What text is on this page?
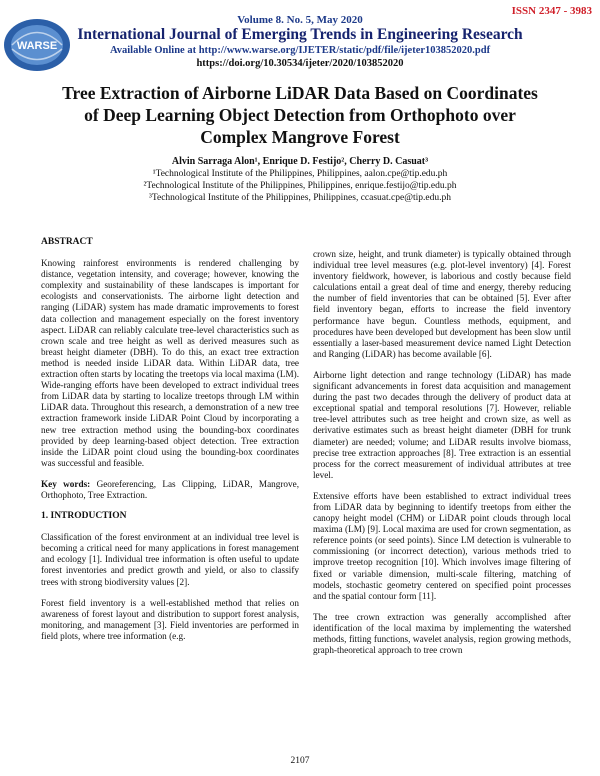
ISSN 2347 - 3983
WARSE
Volume 8. No. 5, May 2020
International Journal of Emerging Trends in Engineering Research
Available Online at http://www.warse.org/IJETER/static/pdf/file/ijeter103852020.pdf
https://doi.org/10.30534/ijeter/2020/103852020
Tree Extraction of Airborne LiDAR Data Based on Coordinates of Deep Learning Object Detection from Orthophoto over Complex Mangrove Forest
Alvin Sarraga Alon¹, Enrique D. Festijo², Cherry D. Casuat³
¹Technological Institute of the Philippines, Philippines, aalon.cpe@tip.edu.ph
²Technological Institute of the Philippines, Philippines, enrique.festijo@tip.edu.ph
³Technological Institute of the Philippines, Philippines, ccasuat.cpe@tip.edu.ph
ABSTRACT

Knowing rainforest environments is rendered challenging by distance, vegetation intensity, and coverage; however, knowing the complexity and sustainability of these landscapes is important for ecologists and conservationists. The airborne light detection and ranging (LiDAR) system has made dramatic improvements to forest data collection and management especially on the forest inventory aspect. LiDAR can reliably calculate tree-level characteristics such as crown scale and tree height as well as derived measures such as breast height diameter (DBH). To do this, an exact tree extraction method is needed inside LiDAR data. Within LiDAR data, tree extraction often starts by locating the treetops via local maxima (LM). Wide-ranging efforts have been developed to extract individual trees from LiDAR data by starting to localize treetops through LM within LiDAR data. Throughout this research, a demonstration of a new tree extraction framework inside LiDAR Point Cloud by incorporating a new tree extraction method using the bounding-box coordinates provided by deep learning-based object detection. Tree extraction inside the LiDAR point cloud using the bounding-box coordinates was successful and feasible.

Key words: Georeferencing, Las Clipping, LiDAR, Mangrove, Orthophoto, Tree Extraction.

1. INTRODUCTION

Classification of the forest environment at an individual tree level is becoming a critical need for many applications in forest management and ecology [1]. Individual tree information is often useful to update forest inventories and predict growth and yield, or also to classify trees with strong biodiversity values [2].

Forest field inventory is a well-established method that relies on awareness of forest layout and distribution to support forest analysis, monitoring, and management [3]. Field inventories are performed in field plots, where tree information (e.g.

crown size, height, and trunk diameter) is typically obtained through individual tree level measures (e.g. plot-level inventory) [4]. Forest inventory fieldwork, however, is laborious and costly because field calculations entail a great deal of time and energy, thereby reducing the number of field inventories that can be obtained [5]. Ever after field inventory began, efforts to increase the field inventory performance have begun. Countless methods, equipment, and procedures have been developed but development has been slow until essentially a laser-based measurement device named Light Detection and Ranging (LiDAR) has become available [6].

Airborne light detection and range technology (LiDAR) has made significant advancements in forest data acquisition and management during the past two decades through the delivery of product data at exceptional spatial and temporal resolutions [7]. However, reliable tree-level attributes such as tree height and crown size, as well as derivative estimates such as breast height diameter (DBH for trunk diameter) are needed; volume; and LiDAR results involve biomass, precise tree extraction approaches [8]. Tree extraction is an essential process for the correct measurement of individual attributes at tree level.

Extensive efforts have been established to extract individual trees from LiDAR data by beginning to identify treetops from either the canopy height model (CHM) or LiDAR point clouds through local maxima (LM) [9]. Local maxima are used for crown segmentation, as reference points (or seed points). Since LM detection is vulnerable to commissioning (or incorrect detection), various methods tried to improve treetop recognition [10]. Which involves image filtering of fixed or variable dimension, multi-scale filtering, matching of models, stochastic geometry centered on specified point processes and the spatial contour form [11].

The tree crown extraction was generally accomplished after identification of the local maxima by implementing the watershed methods, fitting functions, wavelet analysis, region growing methods, graph-theoretical approach to tree crown

2107
